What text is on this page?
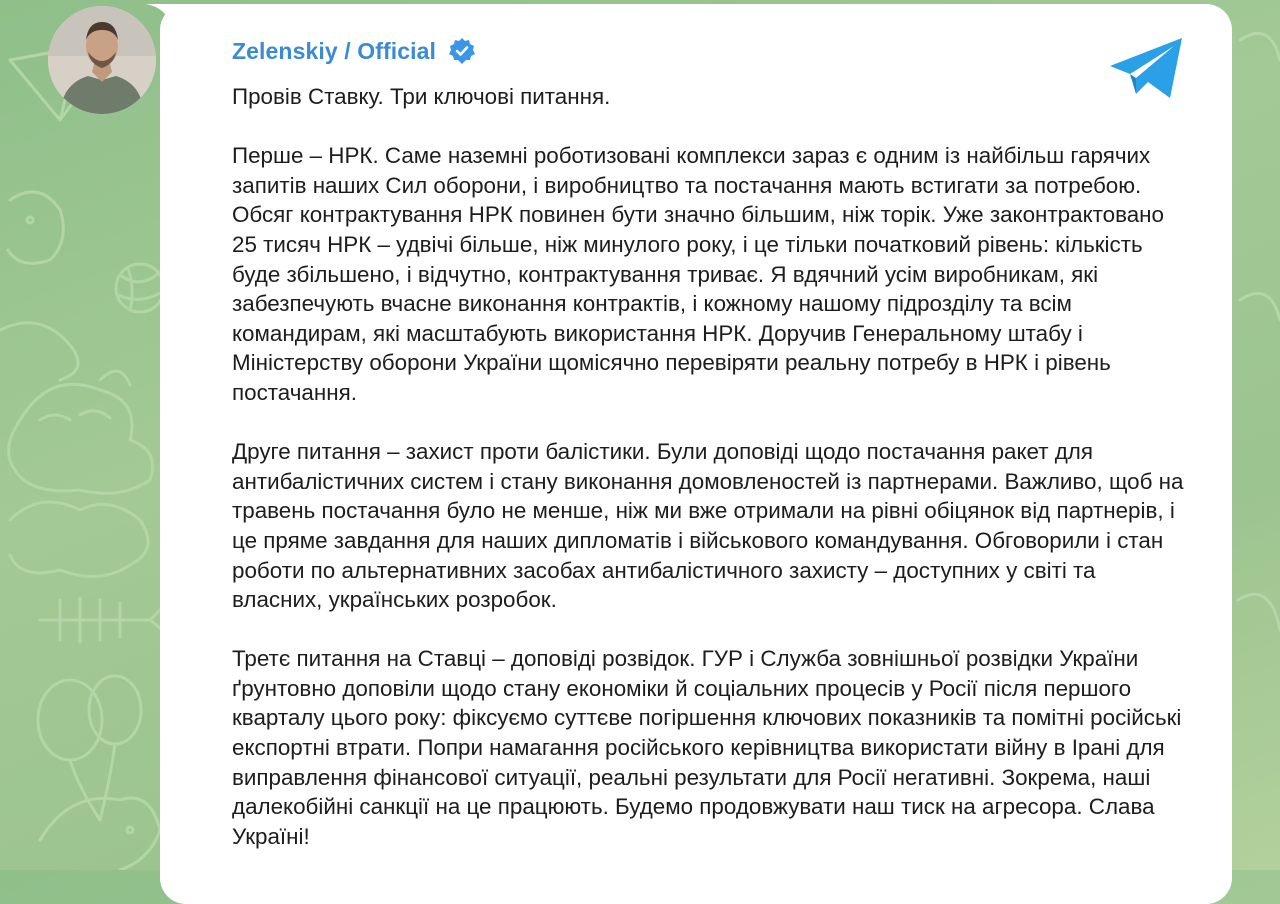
Zelenskiy / Official

Провів Ставку. Три ключові питання.

Перше – НРК. Саме наземні роботизовані комплекси зараз є одним із найбільш гарячих запитів наших Сил оборони, і виробництво та постачання мають встигати за потребою. Обсяг контрактування НРК повинен бути значно більшим, ніж торік. Уже законтрактовано 25 тисяч НРК – удвічі більше, ніж минулого року, і це тільки початковий рівень: кількість буде збільшено, і відчутно, контрактування триває. Я вдячний усім виробникам, які забезпечують вчасне виконання контрактів, і кожному нашому підрозділу та всім командирам, які масштабують використання НРК. Доручив Генеральному штабу і Міністерству оборони України щомісячно перевіряти реальну потребу в НРК і рівень постачання.

Друге питання – захист проти балістики. Були доповіді щодо постачання ракет для антибалістичних систем і стану виконання домовленостей із партнерами. Важливо, щоб на травень постачання було не менше, ніж ми вже отримали на рівні обіцянок від партнерів, і це пряме завдання для наших дипломатів і військового командування. Обговорили і стан роботи по альтернативних засобах антибалістичного захисту – доступних у світі та власних, українських розробок.

Третє питання на Ставці – доповіді розвідок. ГУР і Служба зовнішньої розвідки України ґрунтовно доповіли щодо стану економіки й соціальних процесів у Росії після першого кварталу цього року: фіксуємо суттєве погіршення ключових показників та помітні російські експортні втрати. Попри намагання російського керівництва використати війну в Ірані для виправлення фінансової ситуації, реальні результати для Росії негативні. Зокрема, наші далекобійні санкції на це працюють. Будемо продовжувати наш тиск на агресора. Слава Україні!
